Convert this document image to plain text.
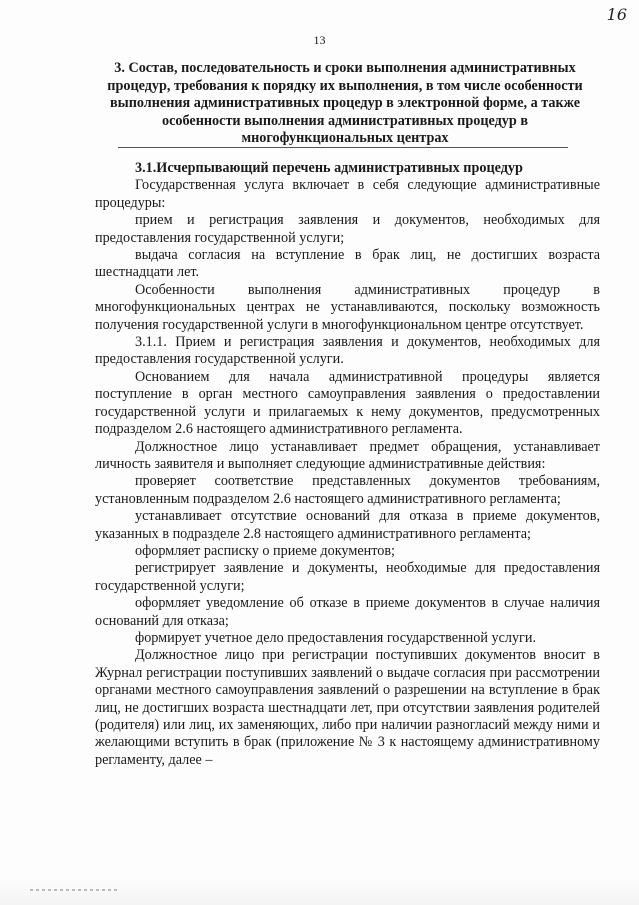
13
16
3. Состав, последовательность и сроки выполнения административных процедур, требования к порядку их выполнения, в том числе особенности выполнения административных процедур в электронной форме, а также особенности выполнения административных процедур в многофункциональных центрах

3.1.Исчерпывающий перечень административных процедур

Государственная услуга включает в себя следующие административные процедуры:

прием и регистрация заявления и документов, необходимых для предоставления государственной услуги;

выдача согласия на вступление в брак лиц, не достигших возраста шестнадцати лет.

Особенности выполнения административных процедур в многофункциональных центрах не устанавливаются, поскольку возможность получения государственной услуги в многофункциональном центре отсутствует.

3.1.1. Прием и регистрация заявления и документов, необходимых для предоставления государственной услуги.

Основанием для начала административной процедуры является поступление в орган местного самоуправления заявления о предоставлении государственной услуги и прилагаемых к нему документов, предусмотренных подразделом 2.6 настоящего административного регламента.

Должностное лицо устанавливает предмет обращения, устанавливает личность заявителя и выполняет следующие административные действия:

проверяет соответствие представленных документов требованиям, установленным подразделом 2.6 настоящего административного регламента;

устанавливает отсутствие оснований для отказа в приеме документов, указанных в подразделе 2.8 настоящего административного регламента;

оформляет расписку о приеме документов;

регистрирует заявление и документы, необходимые для предоставления государственной услуги;

оформляет уведомление об отказе в приеме документов в случае наличия оснований для отказа;

формирует учетное дело предоставления государственной услуги.

Должностное лицо при регистрации поступивших документов вносит в Журнал регистрации поступивших заявлений о выдаче согласия при рассмотрении органами местного самоуправления заявлений о разрешении на вступление в брак лиц, не достигших возраста шестнадцати лет, при отсутствии заявления родителей (родителя) или лиц, их заменяющих, либо при наличии разногласий между ними и желающими вступить в брак (приложение № 3 к настоящему административному регламенту, далее –
